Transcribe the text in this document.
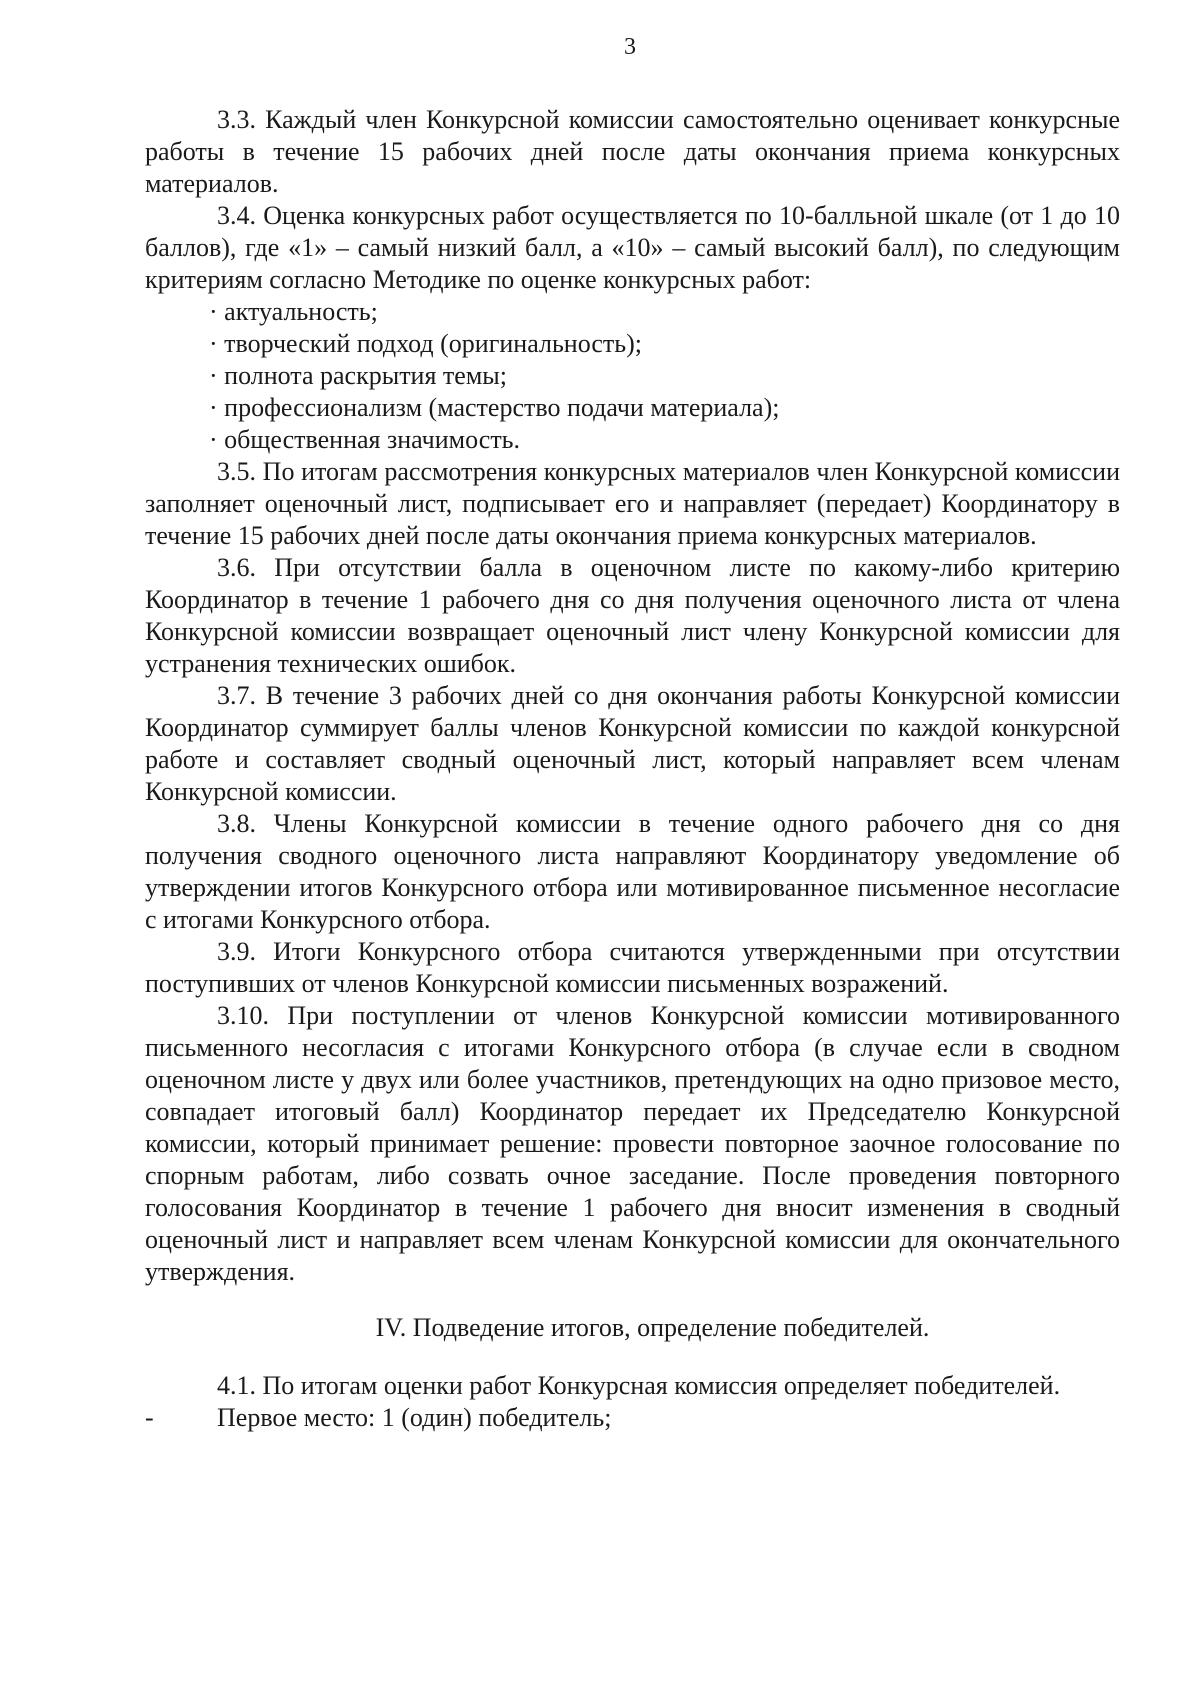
3

3.3. Каждый член Конкурсной комиссии самостоятельно оценивает конкурсные работы в течение 15 рабочих дней после даты окончания приема конкурсных материалов.

3.4. Оценка конкурсных работ осуществляется по 10-балльной шкале (от 1 до 10 баллов), где «1» – самый низкий балл, а «10» – самый высокий балл), по следующим критериям согласно Методике по оценке конкурсных работ:

· актуальность;
· творческий подход (оригинальность);
· полнота раскрытия темы;
· профессионализм (мастерство подачи материала);
· общественная значимость.

3.5. По итогам рассмотрения конкурсных материалов член Конкурсной комиссии заполняет оценочный лист, подписывает его и направляет (передает) Координатору в течение 15 рабочих дней после даты окончания приема конкурсных материалов.

3.6. При отсутствии балла в оценочном листе по какому-либо критерию Координатор в течение 1 рабочего дня со дня получения оценочного листа от члена Конкурсной комиссии возвращает оценочный лист члену Конкурсной комиссии для устранения технических ошибок.

3.7. В течение 3 рабочих дней со дня окончания работы Конкурсной комиссии Координатор суммирует баллы членов Конкурсной комиссии по каждой конкурсной работе и составляет сводный оценочный лист, который направляет всем членам Конкурсной комиссии.

3.8. Члены Конкурсной комиссии в течение одного рабочего дня со дня получения сводного оценочного листа направляют Координатору уведомление об утверждении итогов Конкурсного отбора или мотивированное письменное несогласие с итогами Конкурсного отбора.

3.9. Итоги Конкурсного отбора считаются утвержденными при отсутствии поступивших от членов Конкурсной комиссии письменных возражений.

3.10. При поступлении от членов Конкурсной комиссии мотивированного письменного несогласия с итогами Конкурсного отбора (в случае если в сводном оценочном листе у двух или более участников, претендующих на одно призовое место, совпадает итоговый балл) Координатор передает их Председателю Конкурсной комиссии, который принимает решение: провести повторное заочное голосование по спорным работам, либо созвать очное заседание. После проведения повторного голосования Координатор в течение 1 рабочего дня вносит изменения в сводный оценочный лист и направляет всем членам Конкурсной комиссии для окончательного утверждения.

IV. Подведение итогов, определение победителей.

4.1. По итогам оценки работ Конкурсная комиссия определяет победителей.

- Первое место: 1 (один) победитель;
